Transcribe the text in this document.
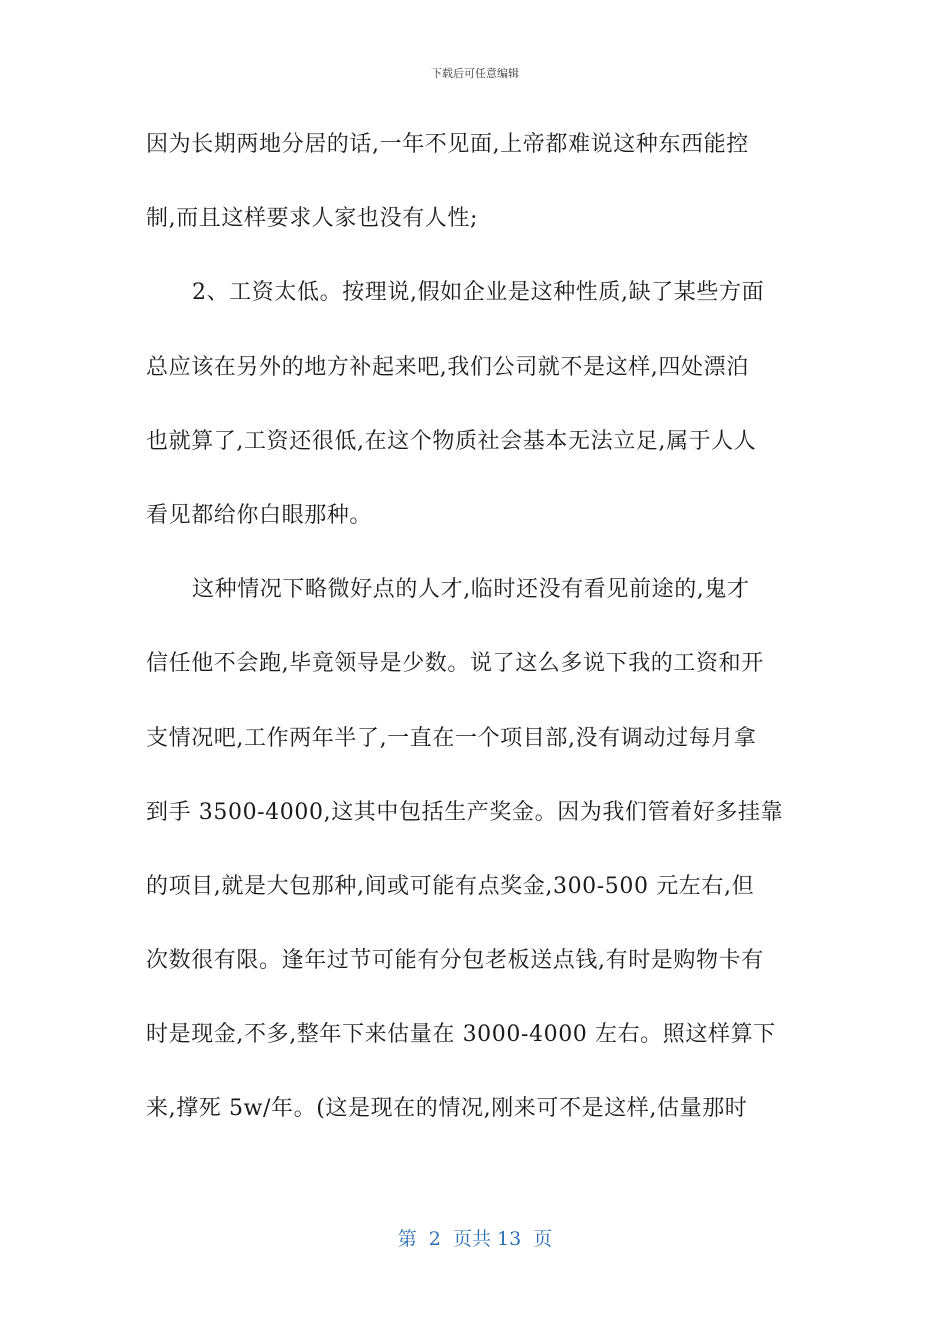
下载后可任意编辑
因为长期两地分居的话,一年不见面,上帝都难说这种东西能控
制,而且这样要求人家也没有人性;
2、工资太低。按理说,假如企业是这种性质,缺了某些方面
总应该在另外的地方补起来吧,我们公司就不是这样,四处漂泊
也就算了,工资还很低,在这个物质社会基本无法立足,属于人人
看见都给你白眼那种。
这种情况下略微好点的人才,临时还没有看见前途的,鬼才
信任他不会跑,毕竟领导是少数。说了这么多说下我的工资和开
支情况吧,工作两年半了,一直在一个项目部,没有调动过每月拿
到手 3500-4000,这其中包括生产奖金。因为我们管着好多挂靠
的项目,就是大包那种,间或可能有点奖金,300-500 元左右,但
次数很有限。逢年过节可能有分包老板送点钱,有时是购物卡有
时是现金,不多,整年下来估量在 3000-4000 左右。照这样算下
来,撑死 5w/年。(这是现在的情况,刚来可不是这样,估量那时
第  2  页共 13  页
